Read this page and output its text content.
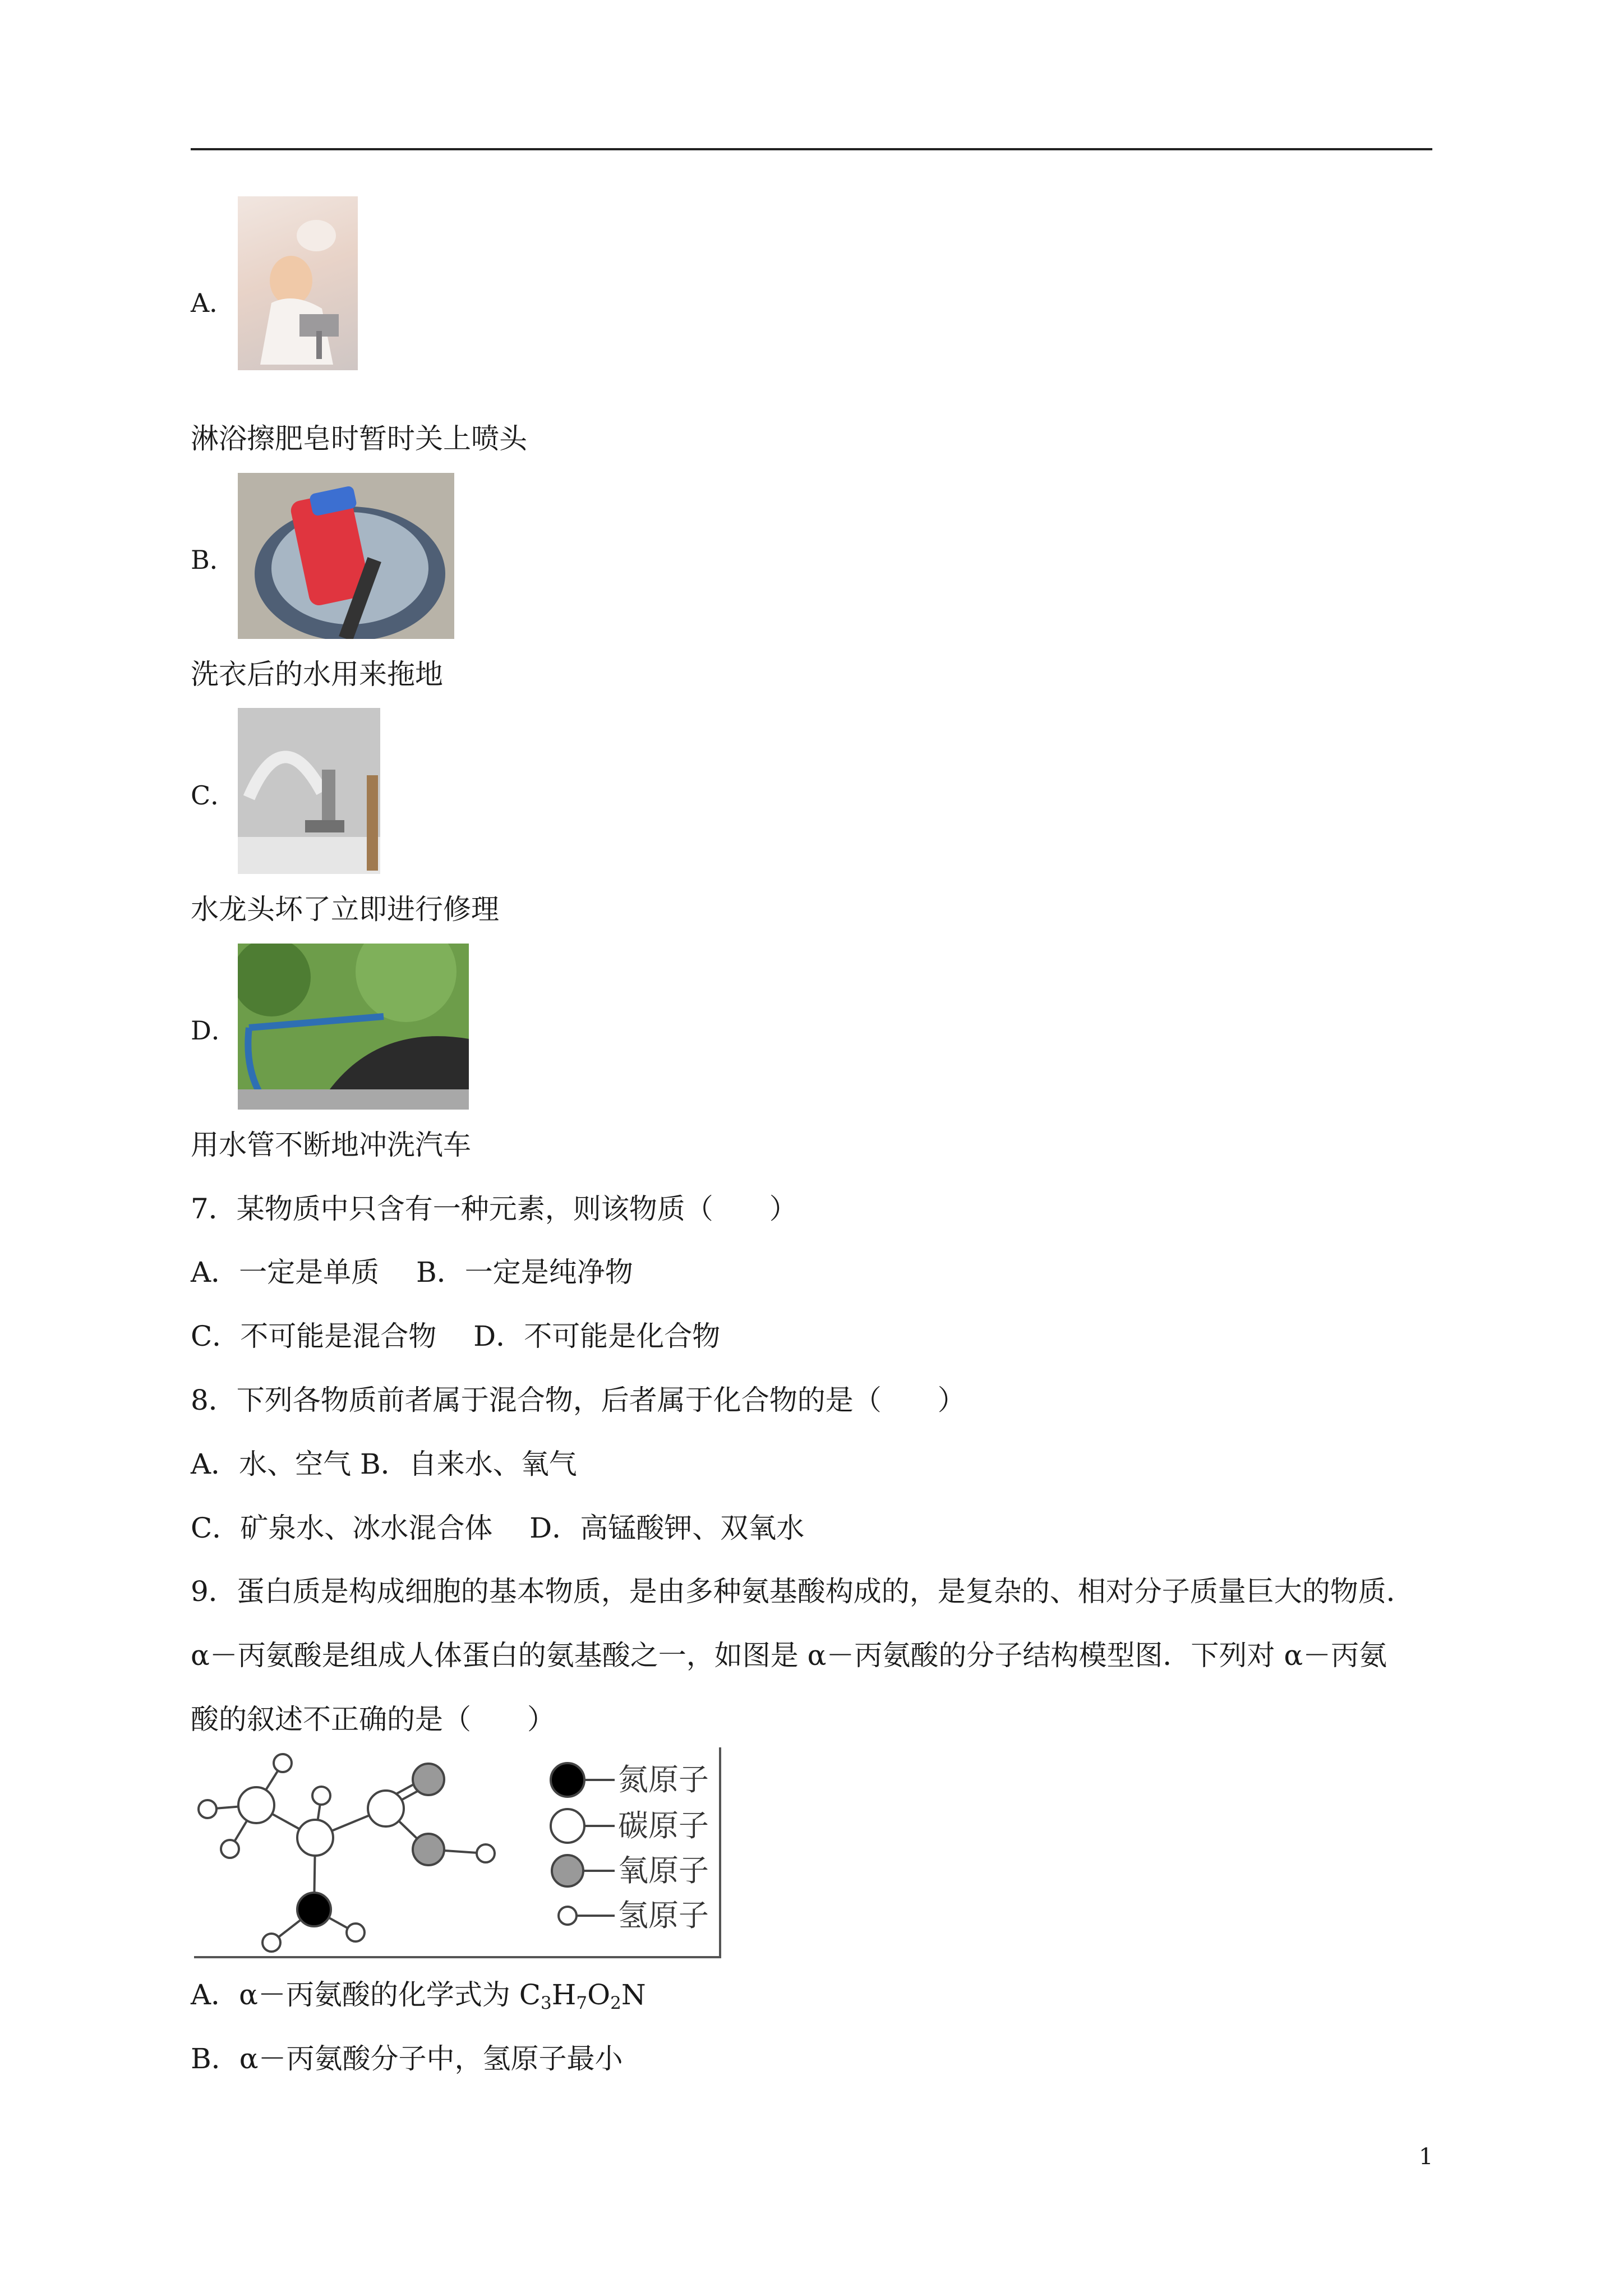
A．
淋浴擦肥皂时暂时关上喷头
B．
洗衣后的水用来拖地
C．
水龙头坏了立即进行修理
D．
用水管不断地冲洗汽车
7．某物质中只含有一种元素，则该物质（　　）
A．一定是单质　 B．一定是纯净物
C．不可能是混合物　 D．不可能是化合物
8．下列各物质前者属于混合物，后者属于化合物的是（　　）
A．水、空气 B．自来水、氧气
C．矿泉水、冰水混合体　 D．高锰酸钾、双氧水
9．蛋白质是构成细胞的基本物质，是由多种氨基酸构成的，是复杂的、相对分子质量巨大的物质．
α－丙氨酸是组成人体蛋白的氨基酸之一，如图是 α－丙氨酸的分子结构模型图．下列对 α－丙氨
酸的叙述不正确的是（　　）
氮原子
碳原子
氧原子
氢原子
A．α－丙氨酸的化学式为 $C_3H_7O_2N$
B．α－丙氨酸分子中，氢原子最小
1
